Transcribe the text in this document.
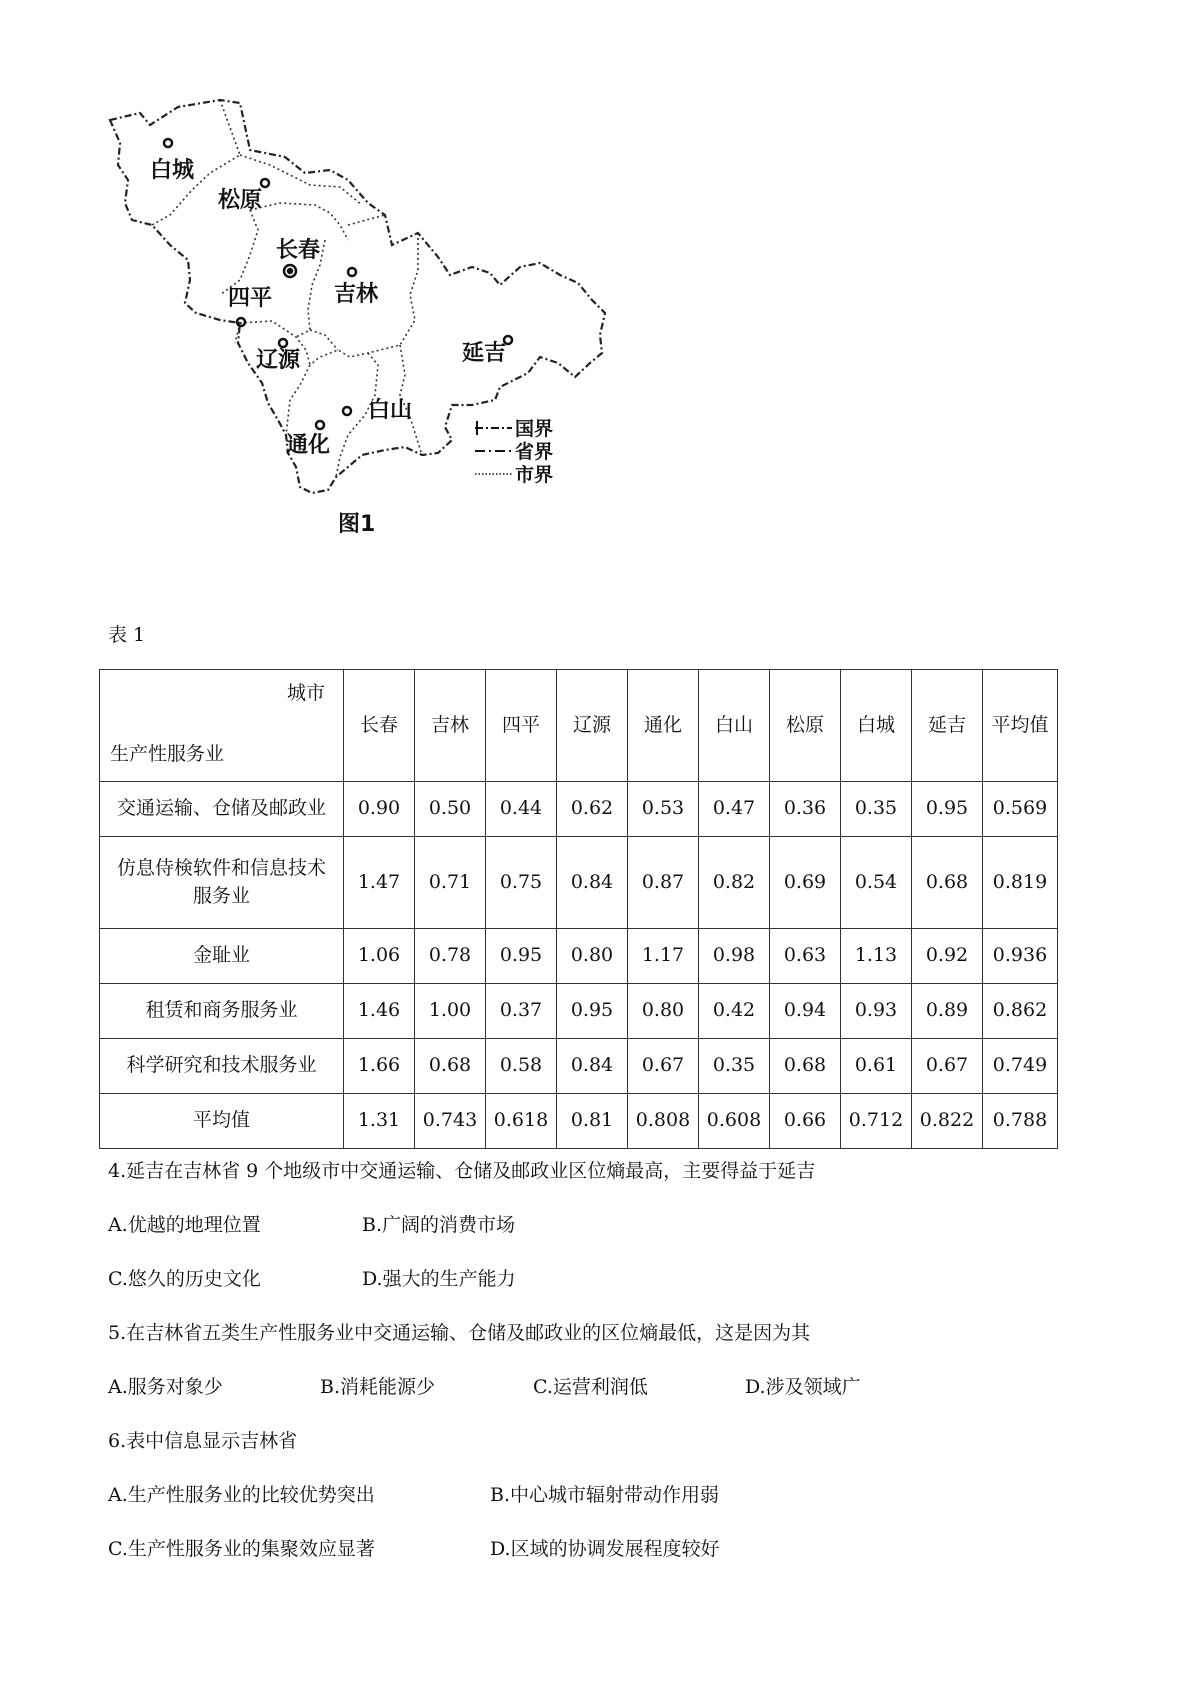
白城
松原
长春
吉林
四平
辽源	延吉
白山
通化
国界
省界
市界
图1
表 1
城市
生产性服务业	长春	吉林	四平	辽源	通化	白山	松原	白城	延吉	平均值
交通运输、仓储及邮政业	0.90	0.50	0.44	0.62	0.53	0.47	0.36	0.35	0.95	0.569
仿息侍検软件和信息技术服务业	1.47	0.71	0.75	0.84	0.87	0.82	0.69	0.54	0.68	0.819
金耻业	1.06	0.78	0.95	0.80	1.17	0.98	0.63	1.13	0.92	0.936
租赁和商务服务业	1.46	1.00	0.37	0.95	0.80	0.42	0.94	0.93	0.89	0.862
科学研究和技术服务业	1.66	0.68	0.58	0.84	0.67	0.35	0.68	0.61	0.67	0.749
平均值	1.31	0.743	0.618	0.81	0.808	0.608	0.66	0.712	0.822	0.788
4.延吉在吉林省 9 个地级市中交通运输、仓储及邮政业区位熵最高，主要得益于延吉
A.优越的地理位置	B.广阔的消费市场
C.悠久的历史文化	D.强大的生产能力
5.在吉林省五类生产性服务业中交通运输、仓储及邮政业的区位熵最低，这是因为其
A.服务对象少	B.消耗能源少	C.运营利润低	D.涉及领域广
6.表中信息显示吉林省
A.生产性服务业的比较优势突出	B.中心城市辐射带动作用弱
C.生产性服务业的集聚效应显著	D.区域的协调发展程度较好
